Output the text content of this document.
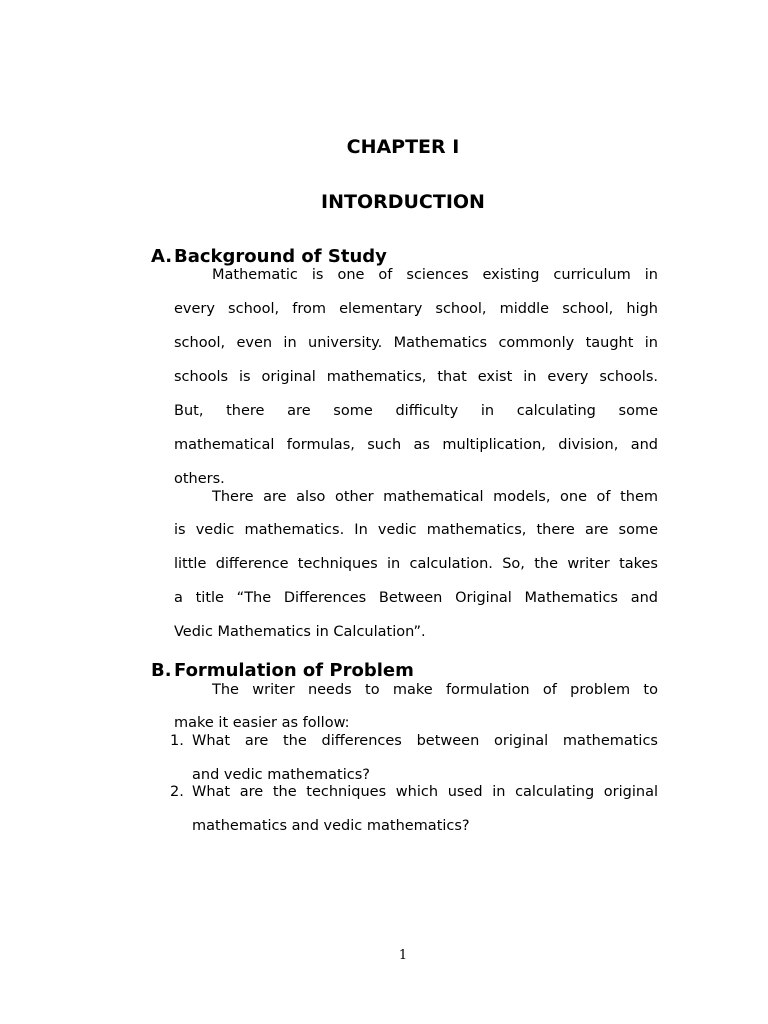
CHAPTER I
INTORDUCTION
A. Background of Study
Mathematic is one of sciences existing curriculum in
every school, from elementary school, middle school, high
school, even in university. Mathematics commonly taught in
schools is original mathematics, that exist in every schools.
But, there are some difficulty in calculating some
mathematical formulas, such as multiplication, division, and
others.
There are also other mathematical models, one of them
is vedic mathematics. In vedic mathematics, there are some
little difference techniques in calculation. So, the writer takes
a title “The Differences Between Original Mathematics and
Vedic Mathematics in Calculation”.
B. Formulation of Problem
The writer needs to make formulation of problem to
make it easier as follow:
1. What are the differences between original mathematics
and vedic mathematics?
2. What are the techniques which used in calculating original
mathematics and vedic mathematics?
1
